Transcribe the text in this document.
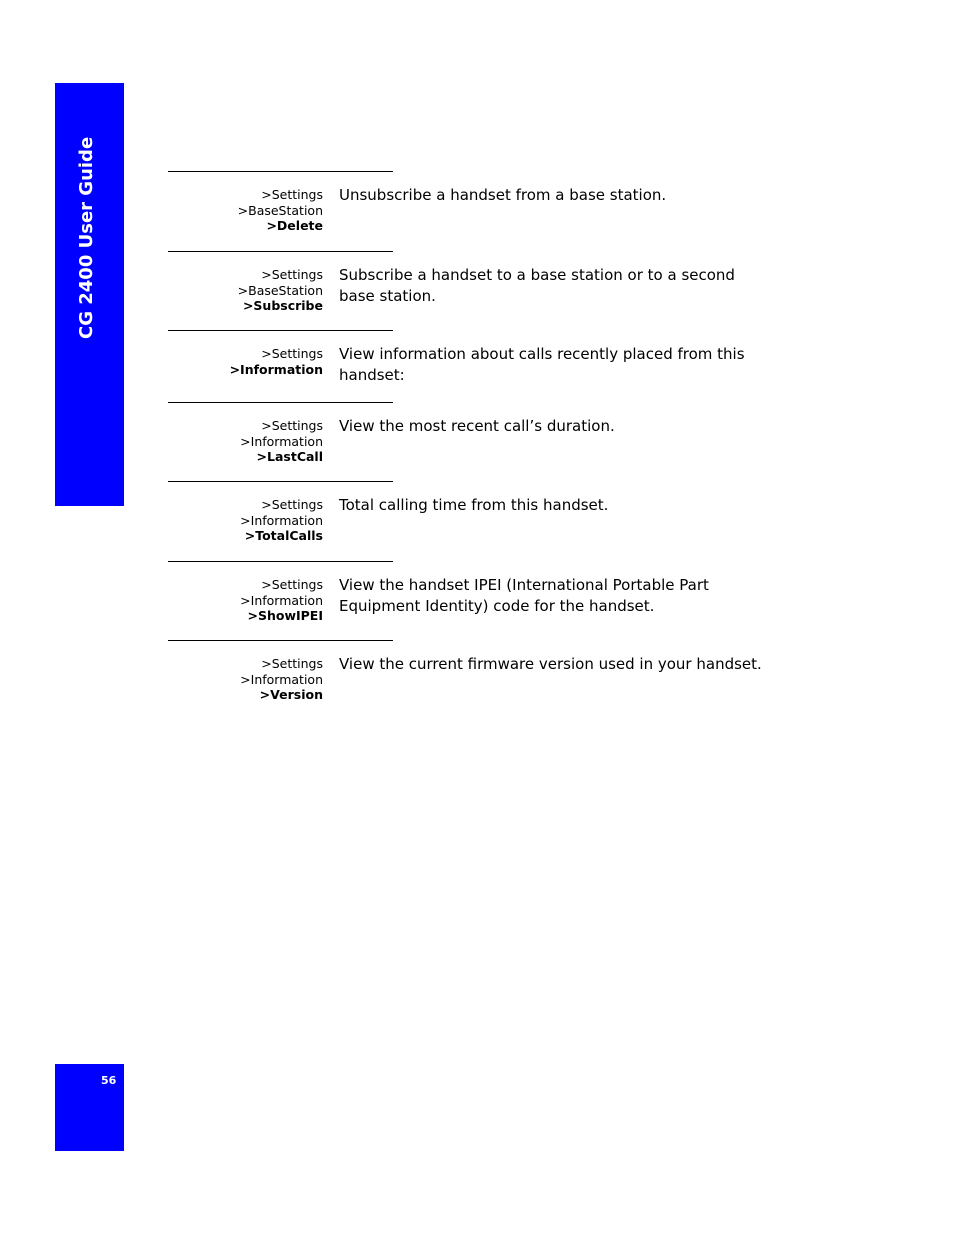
CG 2400 User Guide
56
>Settings
>BaseStation
>Delete
Unsubscribe a handset from a base station.
>Settings
>BaseStation
>Subscribe
Subscribe a handset to a base station or to a second base station.
>Settings
>Information
View information about calls recently placed from this handset:
>Settings
>Information
>LastCall
View the most recent call’s duration.
>Settings
>Information
>TotalCalls
Total calling time from this handset.
>Settings
>Information
>ShowIPEI
View the handset IPEI (International Portable Part Equipment Identity) code for the handset.
>Settings
>Information
>Version
View the current firmware version used in your handset.
